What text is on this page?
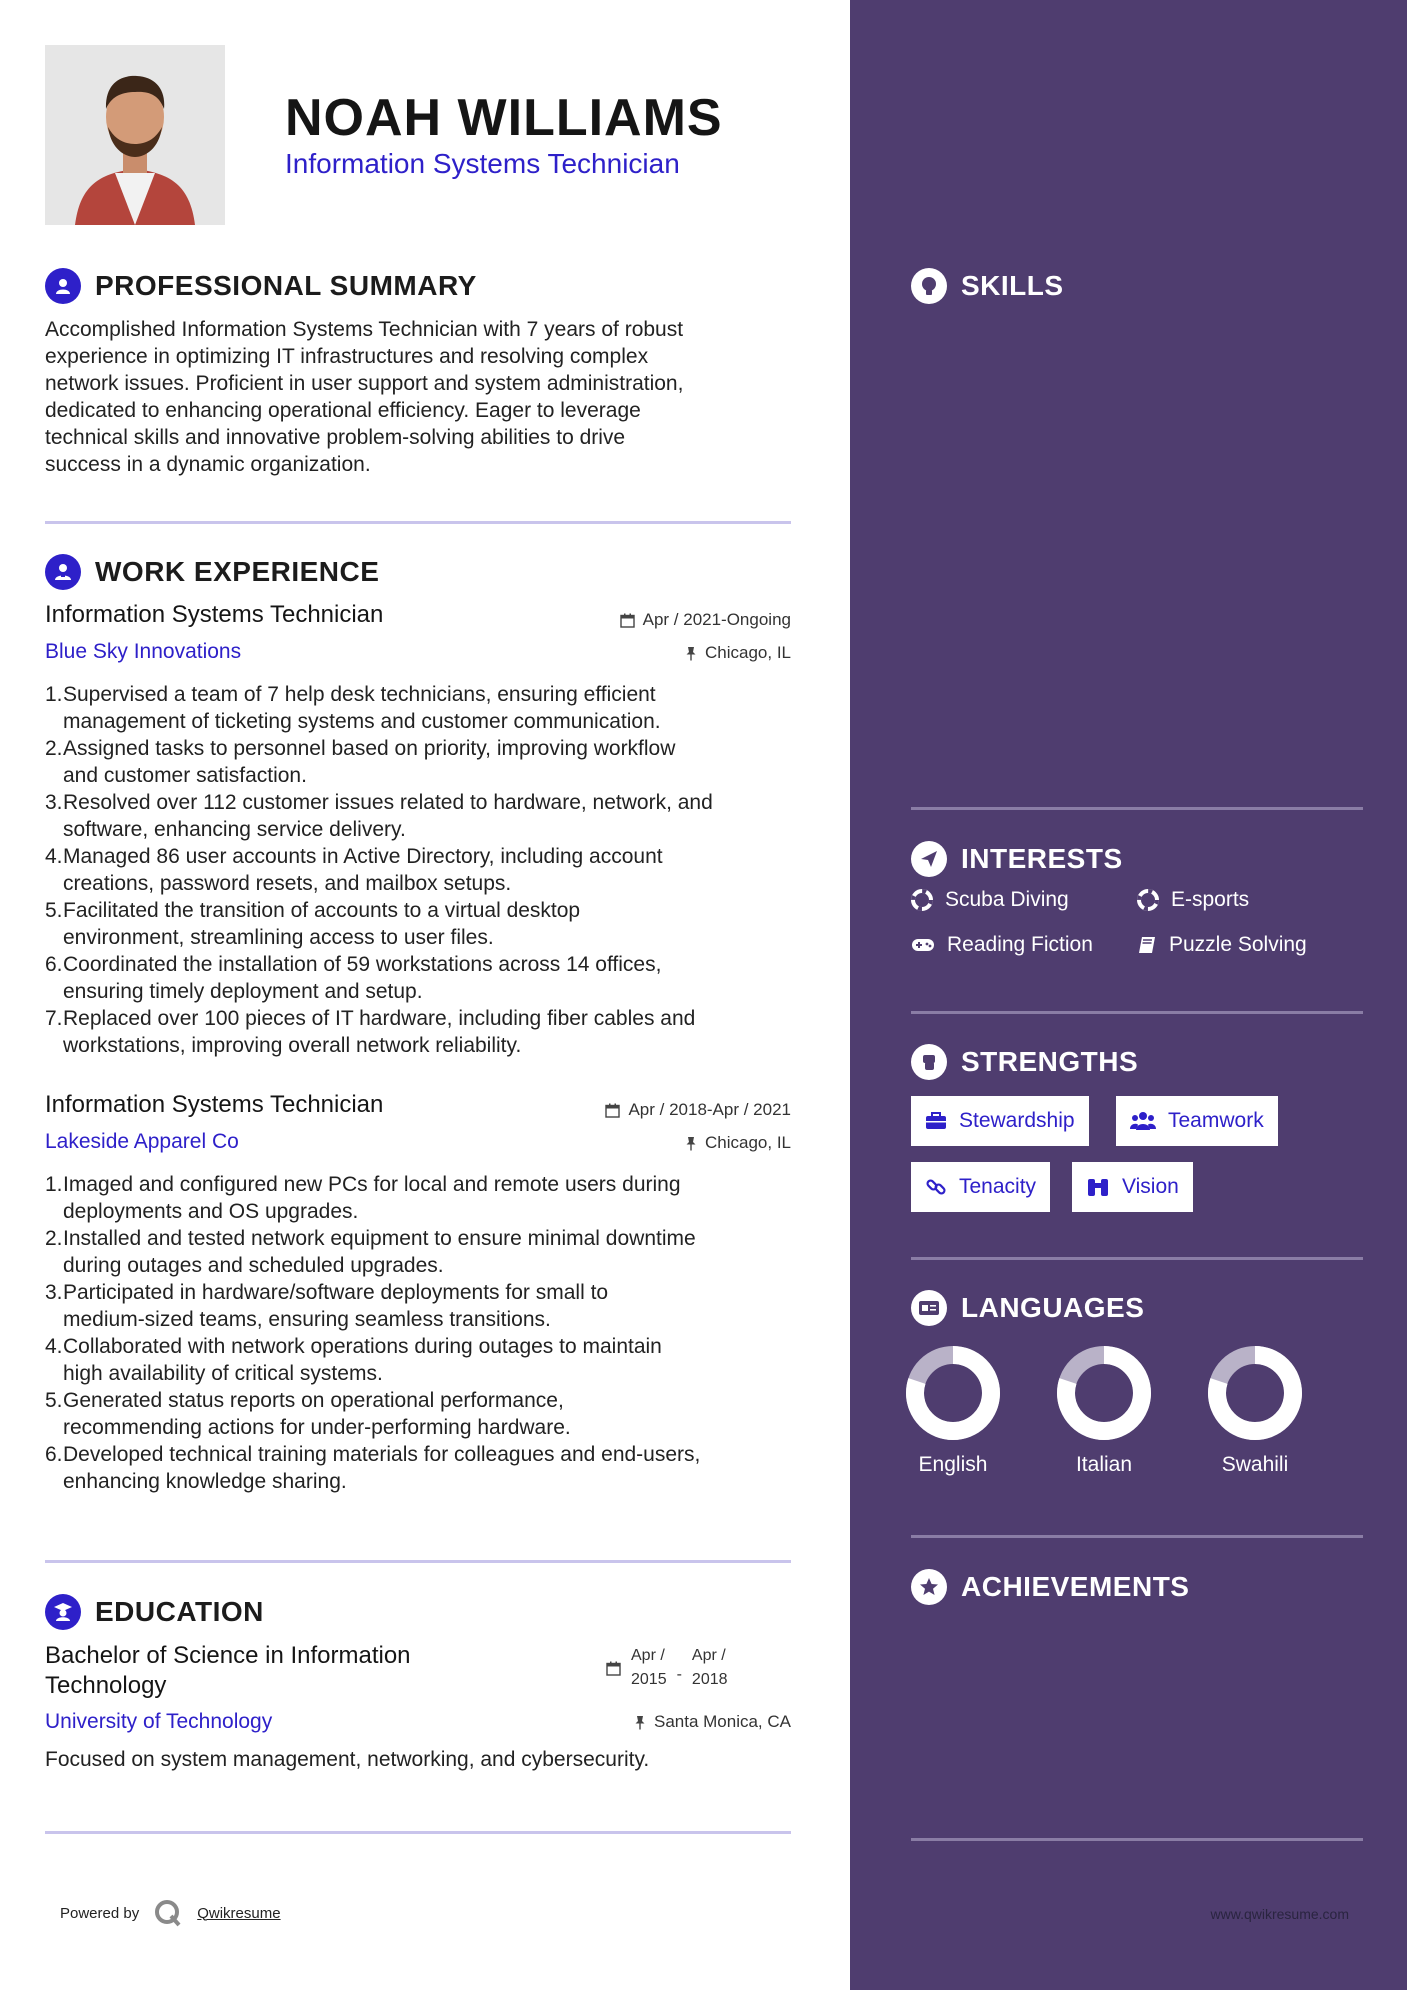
NOAH WILLIAMS
Information Systems Technician
PROFESSIONAL SUMMARY
Accomplished Information Systems Technician with 7 years of robust
experience in optimizing IT infrastructures and resolving complex
network issues. Proficient in user support and system administration,
dedicated to enhancing operational efficiency. Eager to leverage
technical skills and innovative problem-solving abilities to drive
success in a dynamic organization.
WORK EXPERIENCE
Information Systems Technician	Apr / 2021-Ongoing
Blue Sky Innovations	Chicago, IL
1. Supervised a team of 7 help desk technicians, ensuring efficient
management of ticketing systems and customer communication.
2. Assigned tasks to personnel based on priority, improving workflow
and customer satisfaction.
3. Resolved over 112 customer issues related to hardware, network, and
software, enhancing service delivery.
4. Managed 86 user accounts in Active Directory, including account
creations, password resets, and mailbox setups.
5. Facilitated the transition of accounts to a virtual desktop
environment, streamlining access to user files.
6. Coordinated the installation of 59 workstations across 14 offices,
ensuring timely deployment and setup.
7. Replaced over 100 pieces of IT hardware, including fiber cables and
workstations, improving overall network reliability.
Information Systems Technician	Apr / 2018-Apr / 2021
Lakeside Apparel Co	Chicago, IL
1. Imaged and configured new PCs for local and remote users during
deployments and OS upgrades.
2. Installed and tested network equipment to ensure minimal downtime
during outages and scheduled upgrades.
3. Participated in hardware/software deployments for small to
medium-sized teams, ensuring seamless transitions.
4. Collaborated with network operations during outages to maintain
high availability of critical systems.
5. Generated status reports on operational performance,
recommending actions for under-performing hardware.
6. Developed technical training materials for colleagues and end-users,
enhancing knowledge sharing.
EDUCATION
Bachelor of Science in Information
Technology
Apr /
2015 -
Apr /
2018
University of Technology	Santa Monica, CA
Focused on system management, networking, and cybersecurity.
Powered by	Qwikresume
SKILLS
INTERESTS
Scuba Diving	E-sports
Reading Fiction	Puzzle Solving
STRENGTHS
Stewardship	Teamwork
Tenacity	Vision
LANGUAGES
English	Italian	Swahili
ACHIEVEMENTS
www.qwikresume.com
